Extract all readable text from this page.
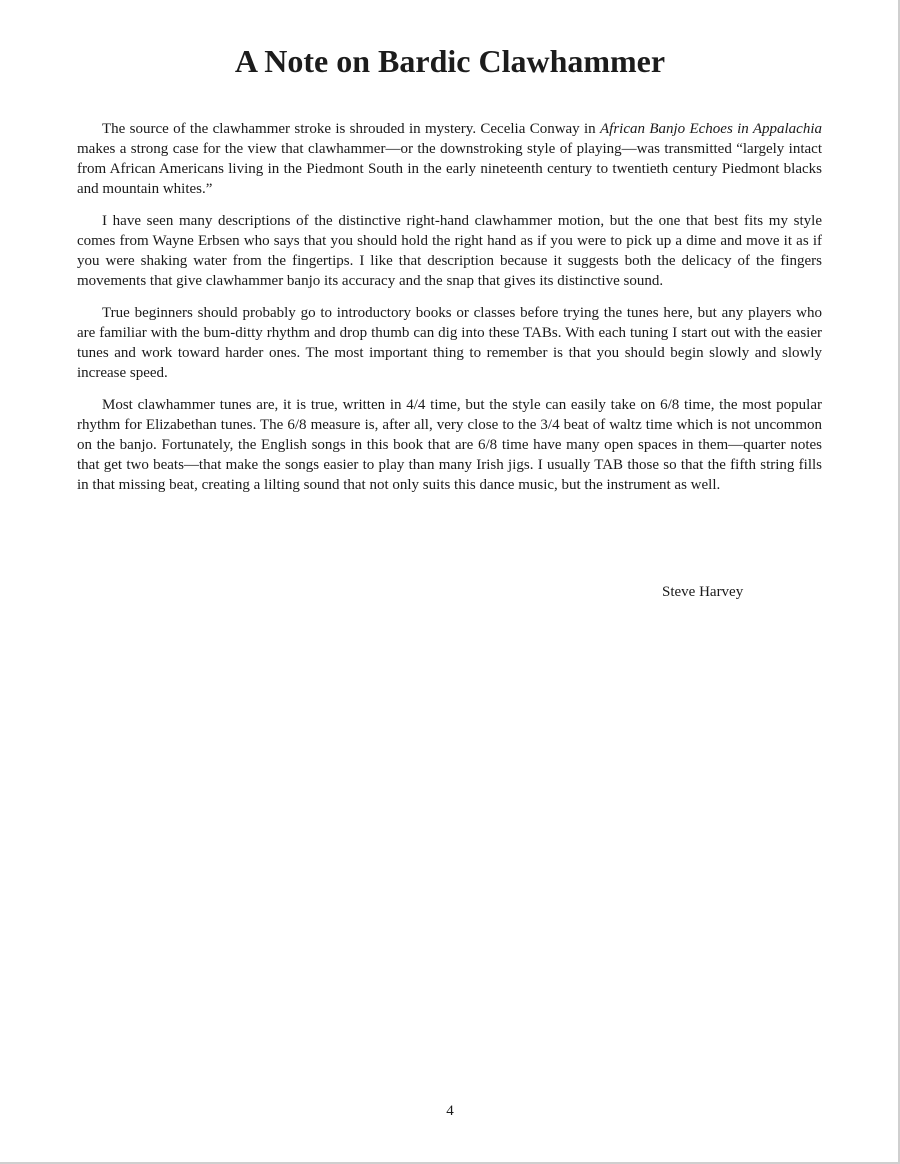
A Note on Bardic Clawhammer

The source of the clawhammer stroke is shrouded in mystery. Cecelia Conway in African Banjo Echoes in Appalachia makes a strong case for the view that clawhammer—or the downstroking style of playing—was transmitted “largely intact from African Americans living in the Piedmont South in the early nineteenth century to twentieth century Piedmont blacks and mountain whites.”

I have seen many descriptions of the distinctive right-hand clawhammer motion, but the one that best fits my style comes from Wayne Erbsen who says that you should hold the right hand as if you were to pick up a dime and move it as if you were shaking water from the fingertips. I like that description because it suggests both the delicacy of the fingers movements that give clawhammer banjo its accuracy and the snap that gives its distinctive sound.

True beginners should probably go to introductory books or classes before trying the tunes here, but any players who are familiar with the bum-ditty rhythm and drop thumb can dig into these TABs. With each tuning I start out with the easier tunes and work toward harder ones. The most important thing to remember is that you should begin slowly and slowly increase speed.

Most clawhammer tunes are, it is true, written in 4/4 time, but the style can easily take on 6/8 time, the most popular rhythm for Elizabethan tunes. The 6/8 measure is, after all, very close to the 3/4 beat of waltz time which is not uncommon on the banjo. Fortunately, the English songs in this book that are 6/8 time have many open spaces in them—quarter notes that get two beats—that make the songs easier to play than many Irish jigs. I usually TAB those so that the fifth string fills in that missing beat, creating a lilting sound that not only suits this dance music, but the instrument as well.

Steve Harvey
4
